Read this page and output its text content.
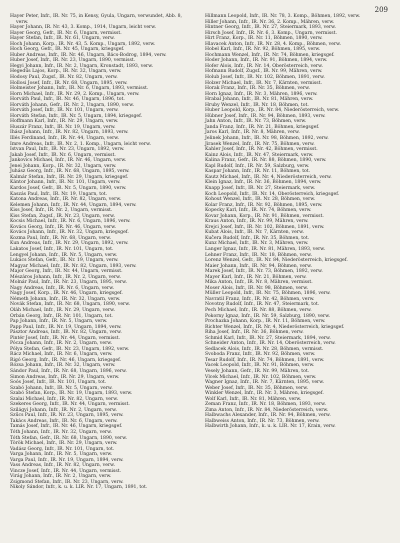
209

Hayer Peter, Infr., IR. Nr. 75, in Kensy, Gyula, Ungarn, verwundet, Abb. 8, verw.

Hayer Johann, IR. Nr. 43, 3. Komp., 1914, Ungarn, leicht verw.

Hayer Georg, Gefr., IR. Nr. 6, Ungarn, vermisst.

Hayer Stefan, Infr., IR. Nr. 61, Ungarn, verw.

Hoch Johann, Korp., IR. Nr. 43, 5. Komp., Ungarn, 1892, verw.

Hoch Georg, Gefr., IR. Nr. 45, Ungarn, kriegsgef.

Huber Andreas, Infr., IR. Nr. 46, Ungarn, Bács-Bodrog, 1894, verw.

Huber Josef, Infr., IR. Nr. 23, Ungarn, 1890, vermisst.

Hegyi Johann, Infr., IR. Nr. 2, Ungarn, Kronstadt, 1893, verw.

Hegedűs Lajos, Korp., IR. Nr. 32, Ungarn, verw.

Hodosy Paul, Zugsf., IR. Nr. 82, Ungarn, verw.

Hollosi Josef, Infr., IR. Nr. 68, Ungarn, 1895, verw.

Holmeister Johann, Infr., IR. Nr. 6, Ungarn, 1893, vermisst.

Horn Michael, Infr., IR. Nr. 29, 2. Komp., Ungarn, verw.

Horváth Paul, Infr., IR. Nr. 46, Ungarn, 1896, tot.

Horváth Johann, Gefr., IR. Nr. 2, Ungarn, 1890, verw.

Horváth Josef, Infr., IR. Nr. 101, Ungarn, verw.

Horváth Stefan, Infr., IR. Nr. 5, Ungarn, 1894, kriegsgef.

Hoffmann Karl, Infr., IR. Nr. 29, Ungarn, verw.

Huszár Franz, Infr., IR. Nr. 19, Ungarn, verw.

Ihász Johann, Infr., IR. Nr. 82, Ungarn, 1893, verw.

Illés Ferdinand, Infr., IR. Nr. 44, Ungarn, verw.

Imre Andreas, Infr., IR. Nr. 2, 1. Komp., Ungarn, leicht verw.

Istvan Paul, Infr., IR. Nr. 23, Ungarn, 1892, verw.

Jakab Josef, Infr., IR. Nr. 6, Ungarn, vermisst.

Jankovics Michael, Infr., IR. Nr. 46, Ungarn, verw.

Jenei Johann, Korp., IR. Nr. 32, Ungarn, verw.

Juhász Georg, Infr., IR. Nr. 68, Ungarn, 1895, verw.

Kalmár Stefan, Infr., IR. Nr. 29, Ungarn, kriegsgef.

Kántor Johann, Infr., IR. Nr. 101, Ungarn, verw.

Kardos Josef, Gefr., IR. Nr. 5, Ungarn, 1890, verw.

Kaszás Paul, Infr., IR. Nr. 19, Ungarn, tot.

Katona Andreas, Infr., IR. Nr. 82, Ungarn, verw.

Kelemen Johann, Infr., IR. Nr. 44, Ungarn, 1894, verw.

Kiss Josef, Infr., IR. Nr. 2, Ungarn, vermisst.

Kiss Stefan, Zugsf., IR. Nr. 23, Ungarn, verw.

Kocsis Michael, Infr., IR. Nr. 6, Ungarn, 1896, verw.

Kovács Georg, Infr., IR. Nr. 46, Ungarn, verw.

Kovács Johann, Infr., IR. Nr. 32, Ungarn, kriegsgef.

Kozma Paul, Infr., IR. Nr. 68, Ungarn, verw.

Kun Andreas, Infr., IR. Nr. 29, Ungarn, 1892, verw.

Lakatos Josef, Infr., IR. Nr. 101, Ungarn, tot.

Lengyel Johann, Infr., IR. Nr. 5, Ungarn, verw.

Lukács Stefan, Gefr., IR. Nr. 19, Ungarn, verw.

Magyar Michael, Infr., IR. Nr. 82, Ungarn, 1893, verw.

Major Georg, Infr., IR. Nr. 44, Ungarn, vermisst.

Mészáros Johann, Infr., IR. Nr. 2, Ungarn, verw.

Molnár Paul, Infr., IR. Nr. 23, Ungarn, 1895, verw.

Nagy Andreas, Infr., IR. Nr. 6, Ungarn, verw.

Nagy Josef, Korp., IR. Nr. 46, Ungarn, kriegsgef.

Németh Johann, Infr., IR. Nr. 32, Ungarn, verw.

Novák Stefan, Infr., IR. Nr. 68, Ungarn, 1890, verw.

Oláh Michael, Infr., IR. Nr. 29, Ungarn, verw.

Orbán Georg, Infr., IR. Nr. 101, Ungarn, tot.

Pap Johann, Infr., IR. Nr. 5, Ungarn, verw.

Papp Paul, Infr., IR. Nr. 19, Ungarn, 1894, verw.

Pásztor Andreas, Infr., IR. Nr. 82, Ungarn, verw.

Pintér Josef, Infr., IR. Nr. 44, Ungarn, vermisst.

Pócza Johann, Infr., IR. Nr. 2, Ungarn, verw.

Pólya Stefan, Gefr., IR. Nr. 23, Ungarn, 1892, verw.

Rácz Michael, Infr., IR. Nr. 6, Ungarn, verw.

Rigó Georg, Infr., IR. Nr. 46, Ungarn, kriegsgef.

Rózsa Johann, Infr., IR. Nr. 32, Ungarn, verw.

Sándor Paul, Infr., IR. Nr. 68, Ungarn, 1896, verw.

Simon Andreas, Infr., IR. Nr. 29, Ungarn, verw.

Soós Josef, Infr., IR. Nr. 101, Ungarn, tot.

Szabó Johann, Infr., IR. Nr. 5, Ungarn, verw.

Szabó Stefan, Korp., IR. Nr. 19, Ungarn, 1893, verw.

Szalai Michael, Infr., IR. Nr. 82, Ungarn, verw.

Szekeres Georg, Infr., IR. Nr. 44, Ungarn, vermisst.

Szilágyi Johann, Infr., IR. Nr. 2, Ungarn, verw.

Szűcs Paul, Infr., IR. Nr. 23, Ungarn, 1895, verw.

Takács Andreas, Infr., IR. Nr. 6, Ungarn, verw.

Tamás Josef, Infr., IR. Nr. 46, Ungarn, kriegsgef.

Tóth Johann, Infr., IR. Nr. 32, Ungarn, verw.

Tóth Stefan, Gefr., IR. Nr. 68, Ungarn, 1890, verw.

Török Michael, Infr., IR. Nr. 29, Ungarn, verw.

Vadász Georg, Infr., IR. Nr. 101, Ungarn, tot.

Varga Johann, Infr., IR. Nr. 5, Ungarn, verw.

Varga Paul, Infr., IR. Nr. 19, Ungarn, 1894, verw.

Vass Andreas, Infr., IR. Nr. 82, Ungarn, verw.

Vincze Josef, Infr., IR. Nr. 44, Ungarn, vermisst.

Virág Johann, Infr., IR. Nr. 2, Ungarn, verw.

Zsigmond Stefan, Infr., IR. Nr. 23, Ungarn, verw.

Nikoly Sándor, Infr., k. u. k. LIR. Nr. 17, Ungarn, 1891, tot.

Hillmann Leopold, Infr., IR. Nr. 78, 3. Komp., Böhmen, 1892, verw.

Hiller Johann, Infr., IR. Nr. 36, 2. Komp., Mähren, verw.

Hintner Georg, Infr., IR. Nr. 27, Steiermark, 1893, verw.

Hirsch Josef, Infr., IR. Nr. 6, 3. Komp., Ungarn, vermisst.

Hirt Franz, Korp., IR. Nr. 11, Böhmen, 1890, verw.

Hlavacek Anton, Infr., IR. Nr. 28, 4. Komp., Böhmen, verw.

Hobel Karl, Infr., IR. Nr. 92, Böhmen, 1895, verw.

Hochmann Wenzel, Infr., IR. Nr. 74, Böhmen, kriegsgef.

Hoder Johann, Infr., IR. Nr. 91, Böhmen, 1894, verw.

Hofer Alois, Infr., IR. Nr. 14, Oberösterreich, verw.

Hofmann Rudolf, Zugsf., IR. Nr. 99, Mähren, verw.

Holub Josef, Infr., IR. Nr. 102, Böhmen, 1891, verw.

Holzer Michael, Infr., IR. Nr. 7, Kärnten, vermisst.

Horak Franz, Infr., IR. Nr. 35, Böhmen, verw.

Horn Ignaz, Infr., IR. Nr. 3, Mähren, 1896, verw.

Hrabal Johann, Infr., IR. Nr. 81, Mähren, verw.

Hruby Wenzel, Infr., IR. Nr. 18, Böhmen, tot.

Huber Leopold, Korp., IR. Nr. 84, Niederösterreich, verw.

Hübner Josef, Infr., IR. Nr. 94, Böhmen, 1893, verw.

Jahn Anton, Infr., IR. Nr. 73, Böhmen, verw.

Janda Franz, Infr., IR. Nr. 21, Böhmen, kriegsgef.

Jaros Karl, Infr., IR. Nr. 8, Mähren, verw.

Jelinek Johann, Infr., IR. Nr. 98, Böhmen, 1892, verw.

Jirasek Wenzel, Infr., IR. Nr. 75, Böhmen, verw.

Kahler Josef, Infr., IR. Nr. 42, Böhmen, vermisst.

Kainz Alois, Infr., IR. Nr. 47, Steiermark, verw.

Kalina Franz, Gefr., IR. Nr. 88, Böhmen, 1890, verw.

Kapl Rudolf, Infr., IR. Nr. 59, Salzburg, verw.

Kaspar Johann, Infr., IR. Nr. 11, Böhmen, tot.

Kautz Michael, Infr., IR. Nr. 4, Niederösterreich, verw.

Klein Ignaz, Infr., IR. Nr. 36, Böhmen, 1894, verw.

Knapp Josef, Infr., IR. Nr. 27, Steiermark, verw.

Koch Leopold, Infr., IR. Nr. 14, Oberösterreich, kriegsgef.

Kohout Wenzel, Infr., IR. Nr. 28, Böhmen, verw.

Kolar Franz, Infr., IR. Nr. 92, Böhmen, 1895, verw.

Kopecky Karl, Infr., IR. Nr. 74, Böhmen, verw.

Kovar Johann, Korp., IR. Nr. 91, Böhmen, vermisst.

Kraus Anton, Infr., IR. Nr. 99, Mähren, verw.

Krejci Josef, Infr., IR. Nr. 102, Böhmen, 1891, verw.

Kubat Alois, Infr., IR. Nr. 7, Kärnten, verw.

Kučera Rudolf, Infr., IR. Nr. 35, Böhmen, tot.

Kunz Michael, Infr., IR. Nr. 3, Mähren, verw.

Langer Ignaz, Infr., IR. Nr. 81, Mähren, 1893, verw.

Lehner Franz, Infr., IR. Nr. 18, Böhmen, verw.

Lorenz Wenzel, Gefr., IR. Nr. 84, Niederösterreich, kriegsgef.

Maier Johann, Infr., IR. Nr. 94, Böhmen, verw.

Marek Josef, Infr., IR. Nr. 73, Böhmen, 1892, verw.

Mayer Karl, Infr., IR. Nr. 21, Böhmen, verw.

Mika Anton, Infr., IR. Nr. 8, Mähren, vermisst.

Moser Alois, Infr., IR. Nr. 98, Böhmen, verw.

Müller Leopold, Infr., IR. Nr. 75, Böhmen, 1896, verw.

Navratil Franz, Infr., IR. Nr. 42, Böhmen, verw.

Novotny Rudolf, Infr., IR. Nr. 47, Steiermark, tot.

Pech Michael, Infr., IR. Nr. 88, Böhmen, verw.

Pokorny Ignaz, Infr., IR. Nr. 59, Salzburg, 1890, verw.

Prochazka Johann, Korp., IR. Nr. 11, Böhmen, verw.

Richter Wenzel, Infr., IR. Nr. 4, Niederösterreich, kriegsgef.

Riha Josef, Infr., IR. Nr. 36, Böhmen, verw.

Schmid Karl, Infr., IR. Nr. 27, Steiermark, 1894, verw.

Schneider Anton, Infr., IR. Nr. 14, Oberösterreich, verw.

Sedlacek Alois, Infr., IR. Nr. 28, Böhmen, vermisst.

Svoboda Franz, Infr., IR. Nr. 92, Böhmen, verw.

Tesar Rudolf, Infr., IR. Nr. 74, Böhmen, 1891, verw.

Vacek Leopold, Infr., IR. Nr. 91, Böhmen, verw.

Vesely Johann, Gefr., IR. Nr. 99, Mähren, tot.

Vlcek Michael, Infr., IR. Nr. 102, Böhmen, verw.

Wagner Ignaz, Infr., IR. Nr. 7, Kärnten, 1895, verw.

Weber Josef, Infr., IR. Nr. 35, Böhmen, verw.

Winkler Wenzel, Infr., IR. Nr. 3, Mähren, kriegsgef.

Wolf Karl, Infr., IR. Nr. 81, Mähren, verw.

Zeman Franz, Infr., IR. Nr. 18, Böhmen, 1893, verw.

Zima Anton, Infr., IR. Nr. 84, Niederösterreich, verw.

Halbwachs Alexander, Infr., IR. Nr. 94, Böhmen, verw.

Halbweiss Anton, Infr., IR. Nr. 73, Böhmen, verw.

Halbwirth Johann, Infr., k. u. k. LIR. Nr. 17, Krain, verw.
